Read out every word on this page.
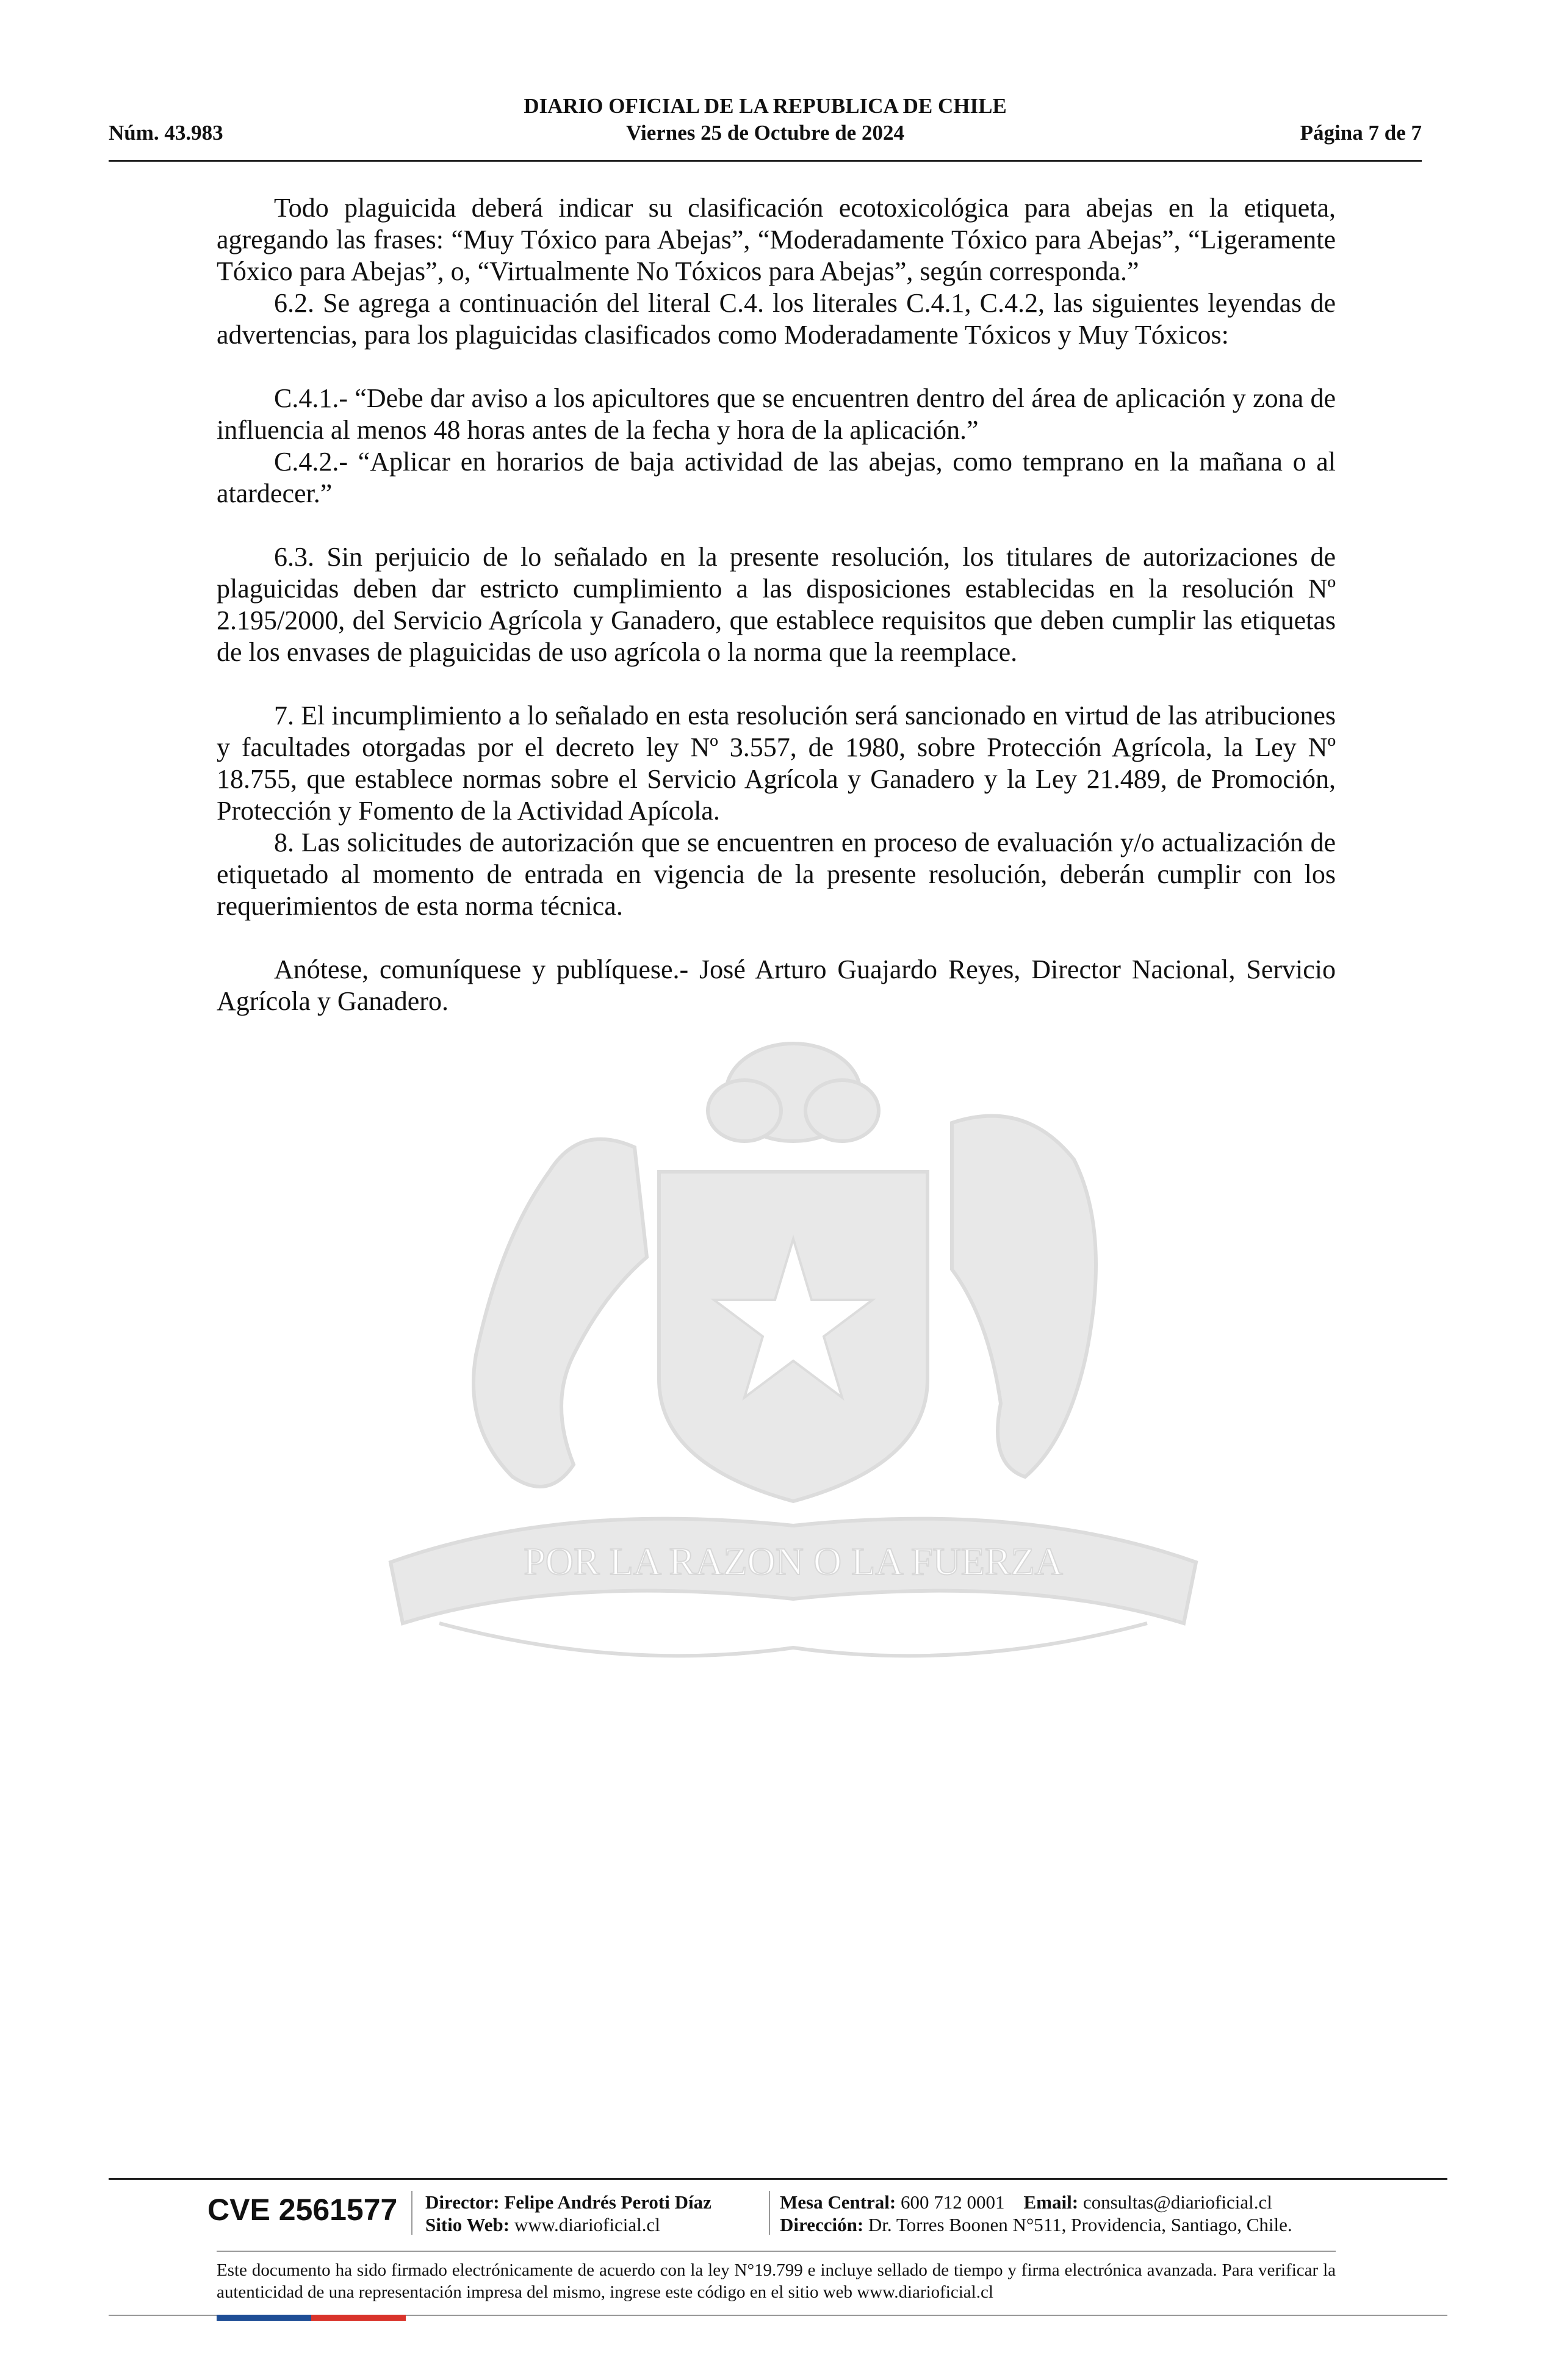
DIARIO OFICIAL DE LA REPUBLICA DE CHILE
Núm. 43.983	Viernes 25 de Octubre de 2024	Página 7 de 7
POR LA RAZON O LA FUERZA

Todo plaguicida deberá indicar su clasificación ecotoxicológica para abejas en la etiqueta, agregando las frases: “Muy Tóxico para Abejas”, “Moderadamente Tóxico para Abejas”, “Ligeramente Tóxico para Abejas”, o, “Virtualmente No Tóxicos para Abejas”, según corresponda.”

6.2. Se agrega a continuación del literal C.4. los literales C.4.1, C.4.2, las siguientes leyendas de advertencias, para los plaguicidas clasificados como Moderadamente Tóxicos y Muy Tóxicos:

C.4.1.- “Debe dar aviso a los apicultores que se encuentren dentro del área de aplicación y zona de influencia al menos 48 horas antes de la fecha y hora de la aplicación.”

C.4.2.- “Aplicar en horarios de baja actividad de las abejas, como temprano en la mañana o al atardecer.”

6.3. Sin perjuicio de lo señalado en la presente resolución, los titulares de autorizaciones de plaguicidas deben dar estricto cumplimiento a las disposiciones establecidas en la resolución Nº 2.195/2000, del Servicio Agrícola y Ganadero, que establece requisitos que deben cumplir las etiquetas de los envases de plaguicidas de uso agrícola o la norma que la reemplace.

7. El incumplimiento a lo señalado en esta resolución será sancionado en virtud de las atribuciones y facultades otorgadas por el decreto ley Nº 3.557, de 1980, sobre Protección Agrícola, la Ley Nº 18.755, que establece normas sobre el Servicio Agrícola y Ganadero y la Ley 21.489, de Promoción, Protección y Fomento de la Actividad Apícola.

8. Las solicitudes de autorización que se encuentren en proceso de evaluación y/o actualización de etiquetado al momento de entrada en vigencia de la presente resolución, deberán cumplir con los requerimientos de esta norma técnica.

Anótese, comuníquese y publíquese.- José Arturo Guajardo Reyes, Director Nacional, Servicio Agrícola y Ganadero.

CVE 2561577 Director: Felipe Andrés Peroti Díaz
Sitio Web: www.diarioficial.cl
Mesa Central: 600 712 0001 Email: consultas@diarioficial.cl
Dirección: Dr. Torres Boonen N°511, Providencia, Santiago, Chile.
Este documento ha sido firmado electrónicamente de acuerdo con la ley N°19.799 e incluye sellado de tiempo y firma electrónica avanzada. Para verificar la autenticidad de una representación impresa del mismo, ingrese este código en el sitio web www.diarioficial.cl
